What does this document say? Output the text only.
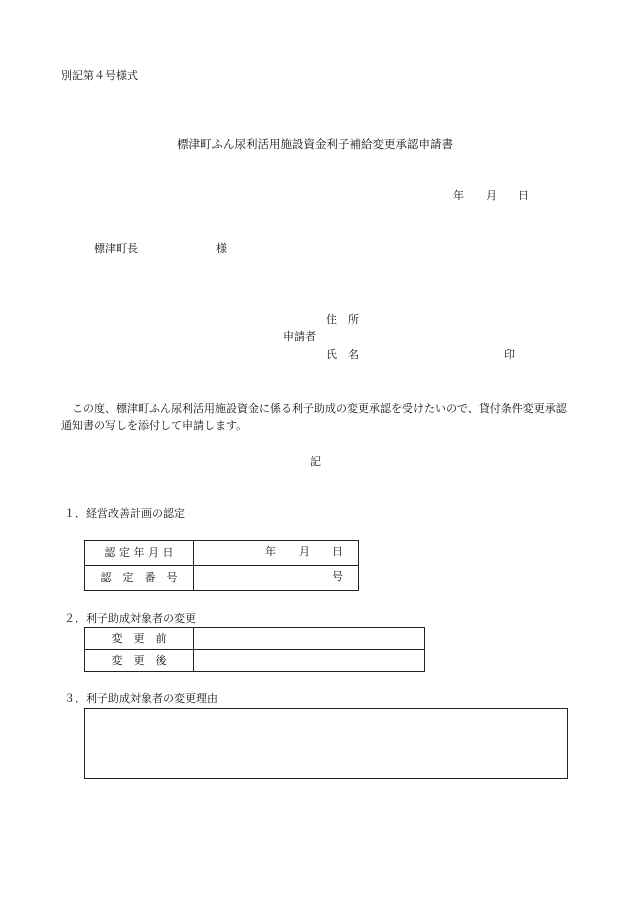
別記第４号様式
標津町ふん尿利活用施設資金利子補給変更承認申請書
年 月 日
標津町長	様
住　所
申請者
氏　名	印
この度、標津町ふん尿利活用施設資金に係る利子助成の変更承認を受けたいので、貸付条件変更承認
通知書の写しを添付して申請します。
記
１．経営改善計画の認定
認 定 年 月 日	年 月 日

認　定　番　号	号
２．利子助成対象者の変更
変　更　前	
変　更　後	
３．利子助成対象者の変更理由
